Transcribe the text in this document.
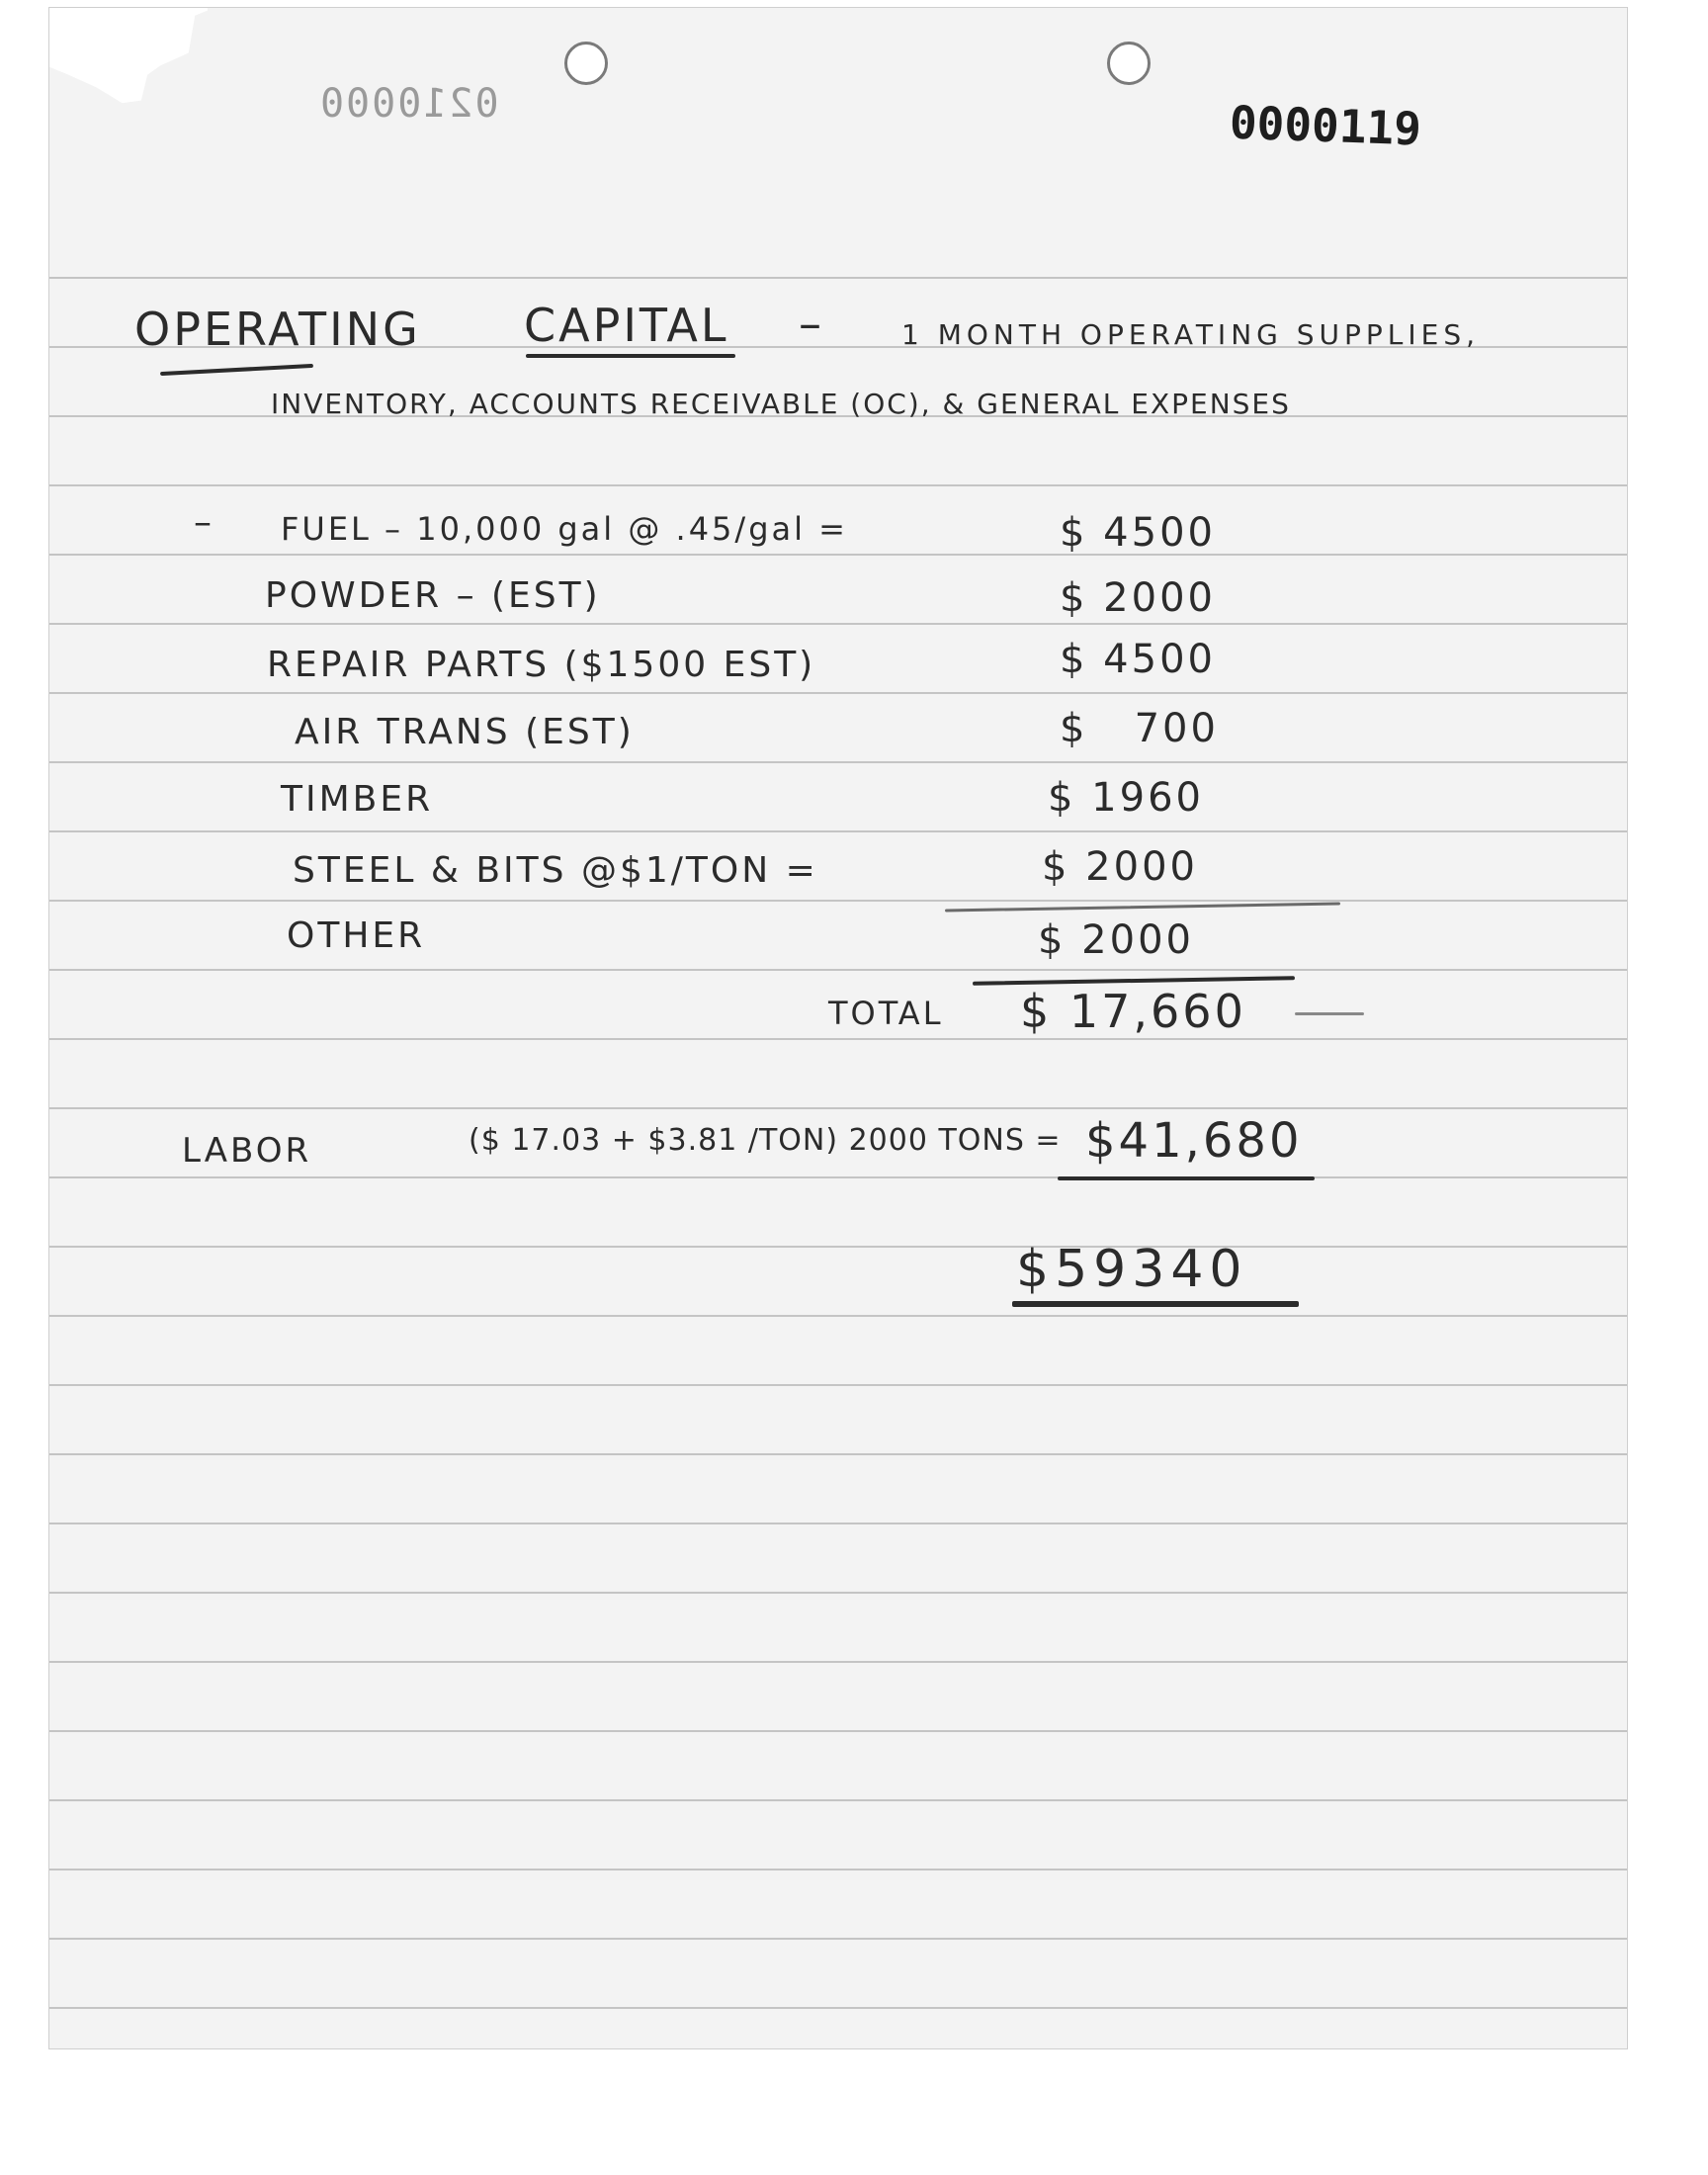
0210000	0000119
OPERATING CAPITAL –	1 MONTH OPERATING SUPPLIES,
INVENTORY, ACCOUNTS RECEIVABLE (OC), & GENERAL EXPENSES
– FUEL – 10,000 gal @ .45/gal =	$ 4500
POWDER – (EST)	$ 2000
REPAIR PARTS ($1500 EST)	$ 4500
AIR TRANS (EST)	$   700
TIMBER	$ 1960
STEEL & BITS @$1/TON =	$ 2000
OTHER	$ 2000
TOTAL $ 17,660
LABOR	($ 17.03 + $3.81 /TON) 2000 TONS = $41,680
$59340
